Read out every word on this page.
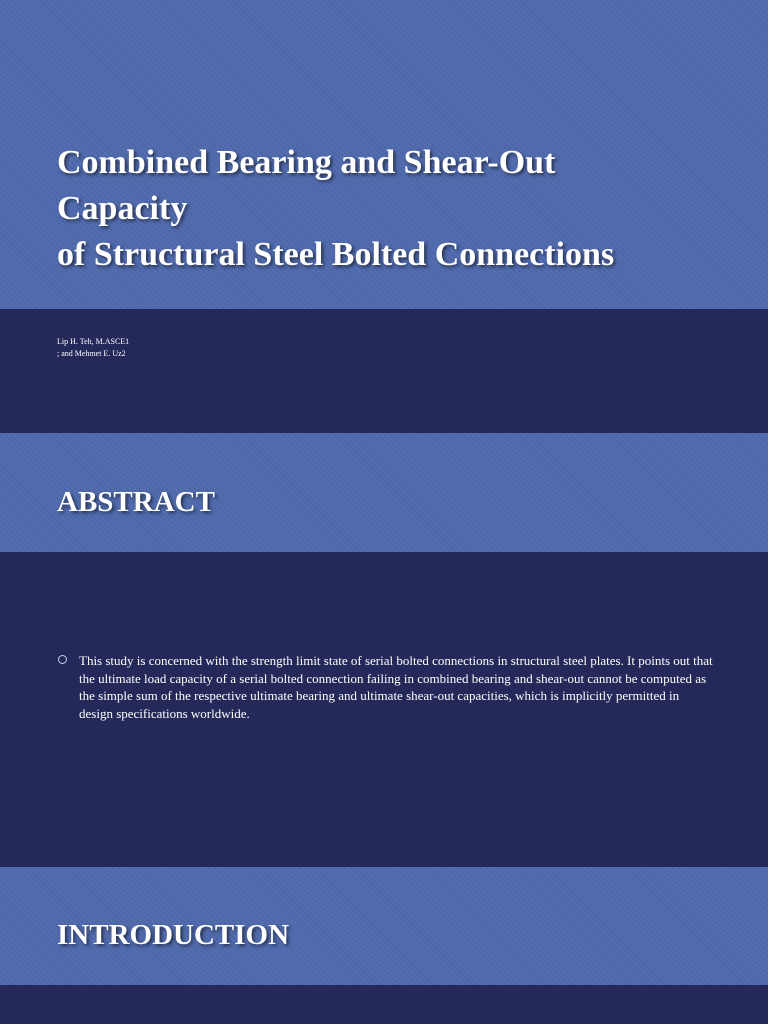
Combined Bearing and Shear-Out
Capacity
of Structural Steel Bolted Connections
Lip H. Teh, M.ASCE1
; and Mehmet E. Uz2
ABSTRACT

This study is concerned with the strength limit state of serial bolted connections in structural steel plates. It points out that the ultimate load capacity of a serial bolted connection failing in combined bearing and shear-out cannot be computed as the simple sum of the respective ultimate bearing and ultimate shear-out capacities, which is implicitly permitted in design specifications worldwide.

INTRODUCTION
